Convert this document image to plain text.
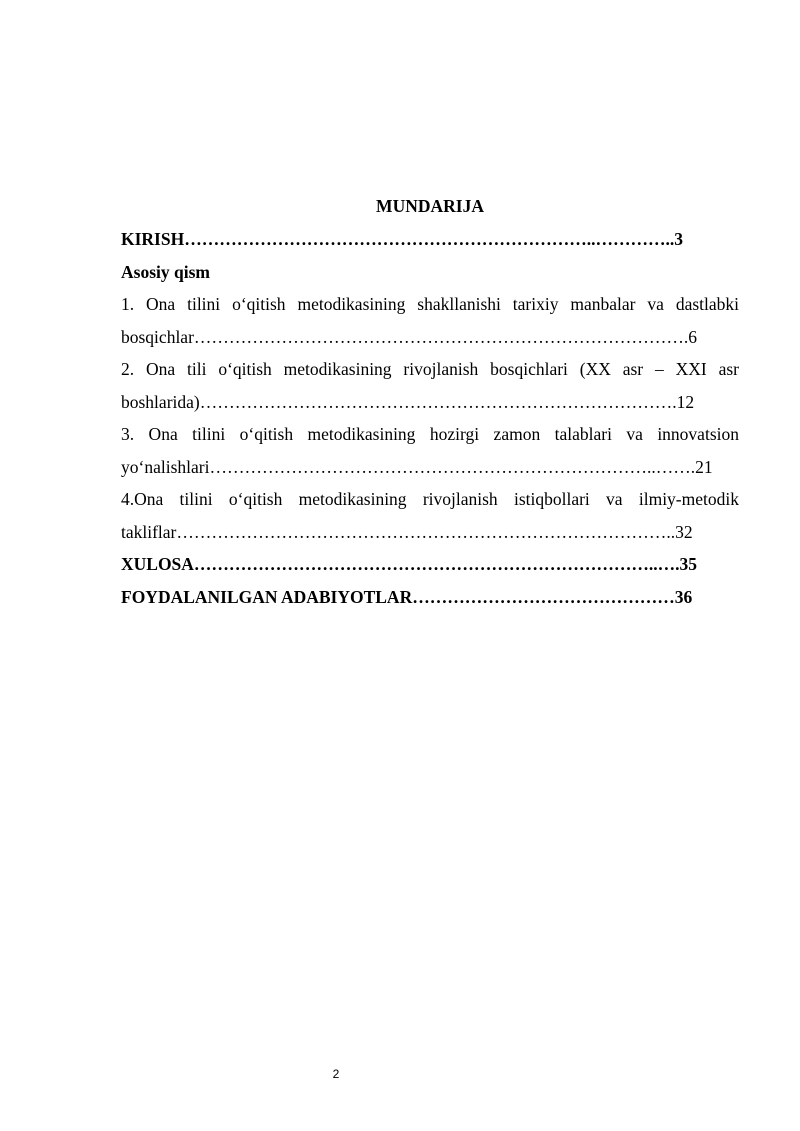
MUNDARIJA
KIRISH……………………………………………………………..…………..3
Asosiy qism
1. Ona tilini o‘qitish metodikasining shakllanishi tarixiy manbalar va dastlabki
bosqichlar………………………………………………………………………….6
2. Ona tili o‘qitish metodikasining rivojlanish bosqichlari (XX asr – XXI asr
boshlarida)……………………………………………………………………….12
3. Ona tilini o‘qitish metodikasining hozirgi zamon talablari va innovatsion
yo‘nalishlari…………………………………………………………………..…….21
4.Ona tilini o‘qitish metodikasining rivojlanish istiqbollari va ilmiy-metodik
takliflar…………………………………………………………………………..32
XULOSA……………………………………………………………………..….35
FOYDALANILGAN ADABIYOTLAR………………………………………36
2
